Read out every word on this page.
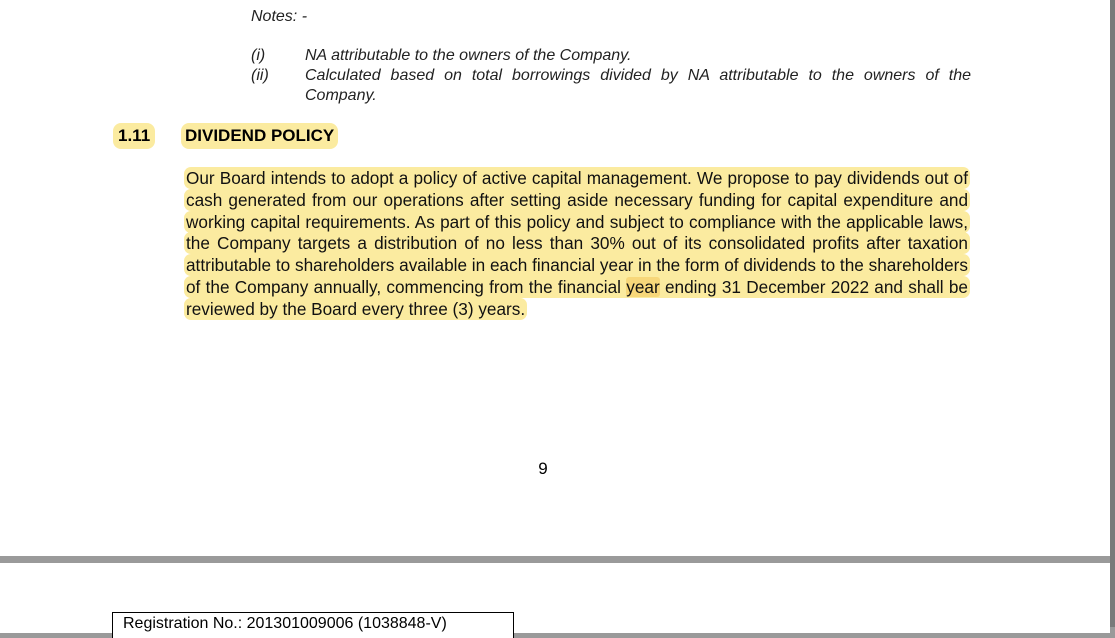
Notes: -
(i)	NA attributable to the owners of the Company.
(ii)	Calculated based on total borrowings divided by NA attributable to the owners of the Company.
1.11 DIVIDEND POLICY
Our Board intends to adopt a policy of active capital management. We propose to pay dividends out of cash generated from our operations after setting aside necessary funding for capital expenditure and working capital requirements. As part of this policy and subject to compliance with the applicable laws, the Company targets a distribution of no less than 30% out of its consolidated profits after taxation attributable to shareholders available in each financial year in the form of dividends to the shareholders of the Company annually, commencing from the financial year ending 31 December 2022 and shall be reviewed by the Board every three (3) years.
9
Registration No.: 201301009006 (1038848-V)
